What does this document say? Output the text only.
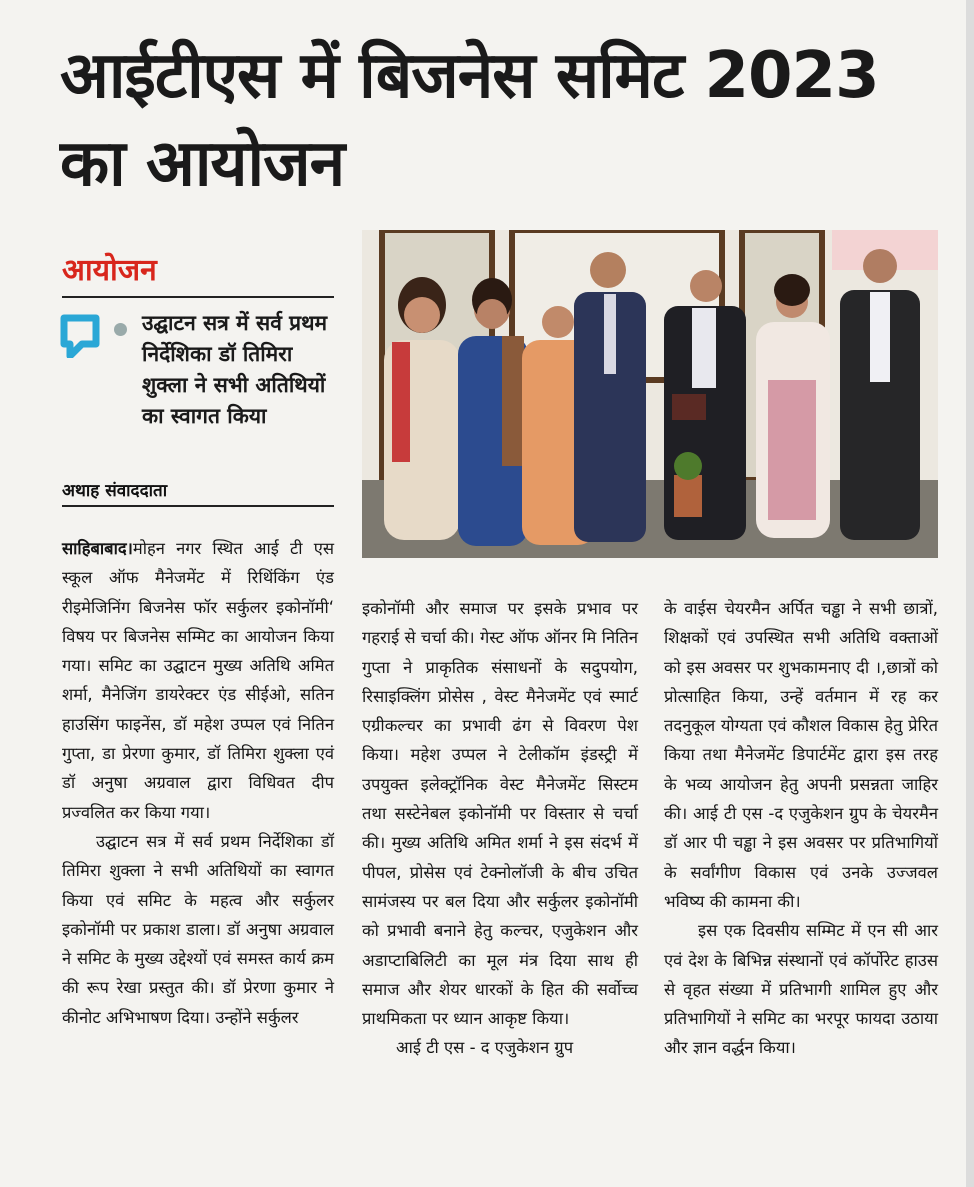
आईटीएस में बिजनेस समिट 2023 का आयोजन
आयोजन
उद्घाटन सत्र में सर्व प्रथम निर्देशिका डॉ तिमिरा शुक्ला ने सभी अतिथियों का स्वागत किया
अथाह संवाददाता

साहिबाबाद।मोहन नगर स्थित आई टी एस स्कूल ऑफ मैनेजमेंट में रिथिंकिंग एंड रीइमेजिनिंग बिजनेस फॉर सर्कुलर इकोनॉमी‘ विषय पर बिजनेस सम्मिट का आयोजन किया गया। समिट का उद्घाटन मुख्य अतिथि अमित शर्मा, मैनेजिंग डायरेक्टर एंड सीईओ, सतिन हाउसिंग फाइनेंस, डॉ महेश उप्पल एवं नितिन गुप्ता, डा प्रेरणा कुमार, डॉ तिमिरा शुक्ला एवं डॉ अनुषा अग्रवाल द्वारा विधिवत दीप प्रज्वलित कर किया गया।

उद्घाटन सत्र में सर्व प्रथम निर्देशिका डॉ तिमिरा शुक्ला ने सभी अतिथियों का स्वागत किया एवं समिट के महत्व और सर्कुलर इकोनॉमी पर प्रकाश डाला। डॉ अनुषा अग्रवाल ने समिट के मुख्य उद्देश्यों एवं समस्त कार्य क्रम की रूप रेखा प्रस्तुत की। डॉ प्रेरणा कुमार ने कीनोट अभिभाषण दिया। उन्होंने सर्कुलर

इकोनॉमी और समाज पर इसके प्रभाव पर गहराई से चर्चा की। गेस्ट ऑफ ऑनर मि नितिन गुप्ता ने प्राकृतिक संसाधनों के सदुपयोग, रिसाइक्लिंग प्रोसेस , वेस्ट मैनेजमेंट एवं स्मार्ट एग्रीकल्चर का प्रभावी ढंग से विवरण पेश किया। महेश उप्पल ने टेलीकॉम इंडस्ट्री में उपयुक्त इलेक्ट्रॉनिक वेस्ट मैनेजमेंट सिस्टम तथा सस्टेनेबल इकोनॉमी पर विस्तार से चर्चा की। मुख्य अतिथि अमित शर्मा ने इस संदर्भ में पीपल, प्रोसेस एवं टेक्नोलॉजी के बीच उचित सामंजस्य पर बल दिया और सर्कुलर इकोनॉमी को प्रभावी बनाने हेतु कल्चर, एजुकेशन और अडाप्टाबिलिटी का मूल मंत्र दिया साथ ही समाज और शेयर धारकों के हित की सर्वोच्च प्राथमिकता पर ध्यान आकृष्ट किया।

आई टी एस - द एजुकेशन ग्रुप

के वाईस चेयरमैन अर्पित चड्ढा ने सभी छात्रों, शिक्षकों एवं उपस्थित सभी अतिथि वक्ताओं को इस अवसर पर शुभकामनाए दी ।,छात्रों को प्रोत्साहित किया, उन्हें वर्तमान में रह कर तदनुकूल योग्यता एवं कौशल विकास हेतु प्रेरित किया तथा मैनेजमेंट डिपार्टमेंट द्वारा इस तरह के भव्य आयोजन हेतु अपनी प्रसन्नता जाहिर की। आई टी एस -द एजुकेशन ग्रुप के चेयरमैन डॉ आर पी चड्ढा ने इस अवसर पर प्रतिभागियों के सर्वांगीण विकास एवं उनके उज्जवल भविष्य की कामना की।

इस एक दिवसीय सम्मिट में एन सी आर एवं देश के बिभिन्न संस्थानों एवं कॉर्पोरेट हाउस से वृहत संख्या में प्रतिभागी शामिल हुए और प्रतिभागियों ने समिट का भरपूर फायदा उठाया और ज्ञान वर्द्धन किया।
